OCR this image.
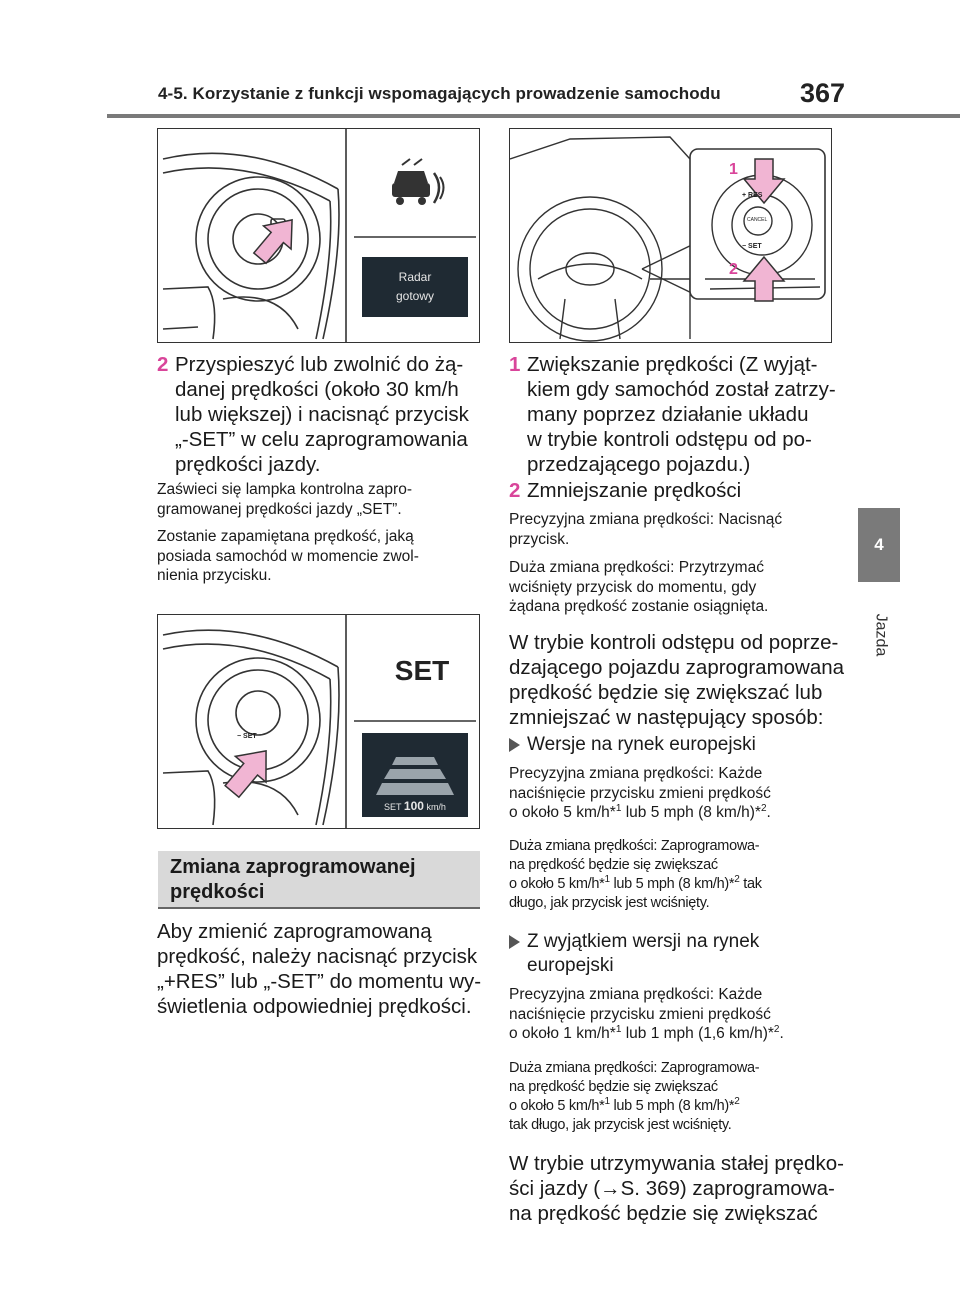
4-5. Korzystanie z funkcji wspomagających prowadzenie samochodu	367
4
Jazda
Radar
gotowy
2 Przyspieszyć lub zwolnić do żą-
danej prędkości (około 30 km/h
lub większej) i nacisnąć przycisk
„-SET” w celu zaprogramowania
prędkości jazdy.
Zaświeci się lampka kontrolna zapro-
gramowanej prędkości jazdy „SET”.
Zostanie zapamiętana prędkość, jaką
posiada samochód w momencie zwol-
nienia przycisku.
SET
SET 100 km/h
− SET
Zmiana zaprogramowanej
prędkości
Aby zmienić zaprogramowaną
prędkość, należy nacisnąć przycisk
„+RES” lub „-SET” do momentu wy-
świetlenia odpowiedniej prędkości.
1
2
+ RES
CANCEL
− SET
1 Zwiększanie prędkości (Z wyjąt-
kiem gdy samochód został zatrzy-
many poprzez działanie układu
w trybie kontroli odstępu od po-
przedzającego pojazdu.)
2 Zmniejszanie prędkości
Precyzyjna zmiana prędkości: Nacisnąć
przycisk.
Duża zmiana prędkości: Przytrzymać
wciśnięty przycisk do momentu, gdy
żądana prędkość zostanie osiągnięta.
W trybie kontroli odstępu od poprze-
dzającego pojazdu zaprogramowana
prędkość będzie się zwiększać lub
zmniejszać w następujący sposób:
Wersje na rynek europejski
Precyzyjna zmiana prędkości: Każde
naciśnięcie przycisku zmieni prędkość
o około 5 km/h*$^1$ lub 5 mph (8 km/h)*$^2$.
Duża zmiana prędkości: Zaprogramowa-
na prędkość będzie się zwiększać
o około 5 km/h*$^1$ lub 5 mph (8 km/h)*$^2$ tak
długo, jak przycisk jest wciśnięty.
Z wyjątkiem wersji na rynek
europejski
Precyzyjna zmiana prędkości: Każde
naciśnięcie przycisku zmieni prędkość
o około 1 km/h*$^1$ lub 1 mph (1,6 km/h)*$^2$.
Duża zmiana prędkości: Zaprogramowa-
na prędkość będzie się zwiększać
o około 5 km/h*$^1$ lub 5 mph (8 km/h)*$^2$
tak długo, jak przycisk jest wciśnięty.
W trybie utrzymywania stałej prędko-
ści jazdy (→S. 369) zaprogramowa-
na prędkość będzie się zwiększać
